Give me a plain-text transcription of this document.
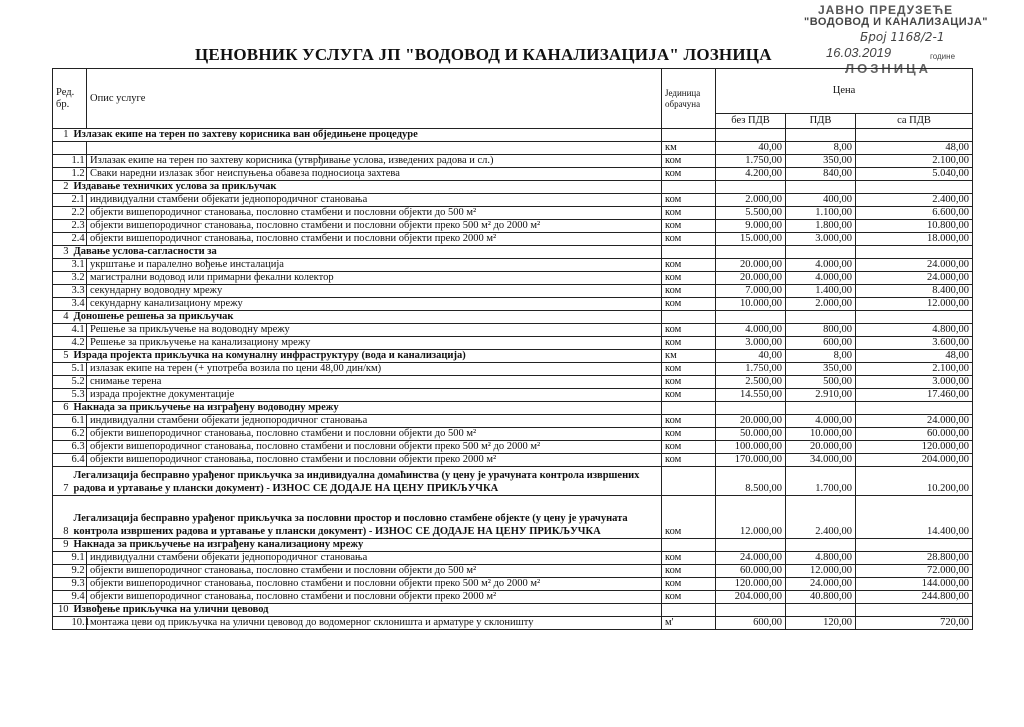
ЈАВНО ПРЕДУЗЕЋЕ
"ВОДОВОД И КАНАЛИЗАЦИЈА"
Број 1168/2-1
16.03.2019	године
ЛОЗНИЦА
ЦЕНОВНИК УСЛУГА ЈП "ВОДОВОД И КАНАЛИЗАЦИЈА" ЛОЗНИЦА
Ред. бр.		Опис услуге	Јединица обрачуна	Цена		
				без ПДВ	ПДВ	са ПДВ
1	Излазак екипе на терен по захтеву корисника ван обједињене процедуре					
			км	40,00	8,00	48,00
	1.1	Излазак екипе на терен по захтеву корисника (утврђивање услова, изведених радова и сл.)	ком	1.750,00	350,00	2.100,00
	1.2	Сваки наредни излазак због неиспуњења обавеза подносиоца захтева	ком	4.200,00	840,00	5.040,00
2	Издавање техничких услова за прикључак					
	2.1	индивидуални стамбени објекати једнопородичног становања	ком	2.000,00	400,00	2.400,00
	2.2	објекти вишепородичног становања, пословно стамбени и пословни објекти до 500 м²	ком	5.500,00	1.100,00	6.600,00
	2.3	објекти вишепородичног становања, пословно стамбени и пословни објекти преко 500 м² до 2000 м²	ком	9.000,00	1.800,00	10.800,00
	2.4	објекти вишепородичног становања, пословно стамбени и пословни објекти преко 2000 м²	ком	15.000,00	3.000,00	18.000,00
3	Давање услова-сагласности за					
	3.1	укрштање и паралелно вођење инсталација	ком	20.000,00	4.000,00	24.000,00
	3.2	магистрални водовод или примарни фекални колектор	ком	20.000,00	4.000,00	24.000,00
	3.3	секундарну водоводну мрежу	ком	7.000,00	1.400,00	8.400,00
	3.4	секундарну канализациону мрежу	ком	10.000,00	2.000,00	12.000,00
4	Доношење решења за прикључак					
	4.1	Решење за прикључење на водоводну мрежу	ком	4.000,00	800,00	4.800,00
	4.2	Решење за прикључење на канализациону мрежу	ком	3.000,00	600,00	3.600,00
5	Израда пројекта прикључка на комуналну инфраструктуру (вода и канализација)		км	40,00	8,00	48,00
	5.1	излазак екипе на терен (+ употреба возила по цени 48,00 дин/км)	ком	1.750,00	350,00	2.100,00
	5.2	снимање терена	ком	2.500,00	500,00	3.000,00
	5.3	израда пројектне документације	ком	14.550,00	2.910,00	17.460,00
6	Накнада за прикључење на изграђену водоводну мрежу					
	6.1	индивидуални стамбени објекати једнопородичног становања	ком	20.000,00	4.000,00	24.000,00
	6.2	објекти вишепородичног становања, пословно стамбени и пословни објекти до 500 м²	ком	50.000,00	10.000,00	60.000,00
	6.3	објекти вишепородичног становања, пословно стамбени и пословни објекти преко 500 м² до 2000 м²	ком	100.000,00	20.000,00	120.000,00
	6.4	објекти вишепородичног становања, пословно стамбени и пословни објекти преко 2000 м²	ком	170.000,00	34.000,00	204.000,00
7	Легализација бесправно урађеног прикључка за индивидуална домаћинства (у цену је урачуната контрола извршених радова и уртавање у плански документ) - ИЗНОС СЕ ДОДАЈЕ НА ЦЕНУ ПРИКЉУЧКА			8.500,00	1.700,00	10.200,00
8	Легализација бесправно урађеног прикључка за пословни простор и пословно стамбене објекте (у цену је урачуната контрола извршених радова и уртавање у плански документ) - ИЗНОС СЕ ДОДАЈЕ НА ЦЕНУ ПРИКЉУЧКА		ком	12.000,00	2.400,00	14.400,00
9	Накнада за прикључење на изграђену канализациону мрежу					
	9.1	индивидуални стамбени објекати једнопородичног становања	ком	24.000,00	4.800,00	28.800,00
	9.2	објекти вишепородичног становања, пословно стамбени и пословни објекти до 500 м²	ком	60.000,00	12.000,00	72.000,00
	9.3	објекти вишепородичног становања, пословно стамбени и пословни објекти преко 500 м² до 2000 м²	ком	120.000,00	24.000,00	144.000,00
	9.4	објекти вишепородичног становања, пословно стамбени и пословни објекти преко 2000 м²	ком	204.000,00	40.800,00	244.800,00
10	Извођење прикључка на улични цевовод					
	10.1	монтажа цеви од прикључка на улични цевовод до водомерног склоништа и арматуре у склоништу	м'	600,00	120,00	720,00
